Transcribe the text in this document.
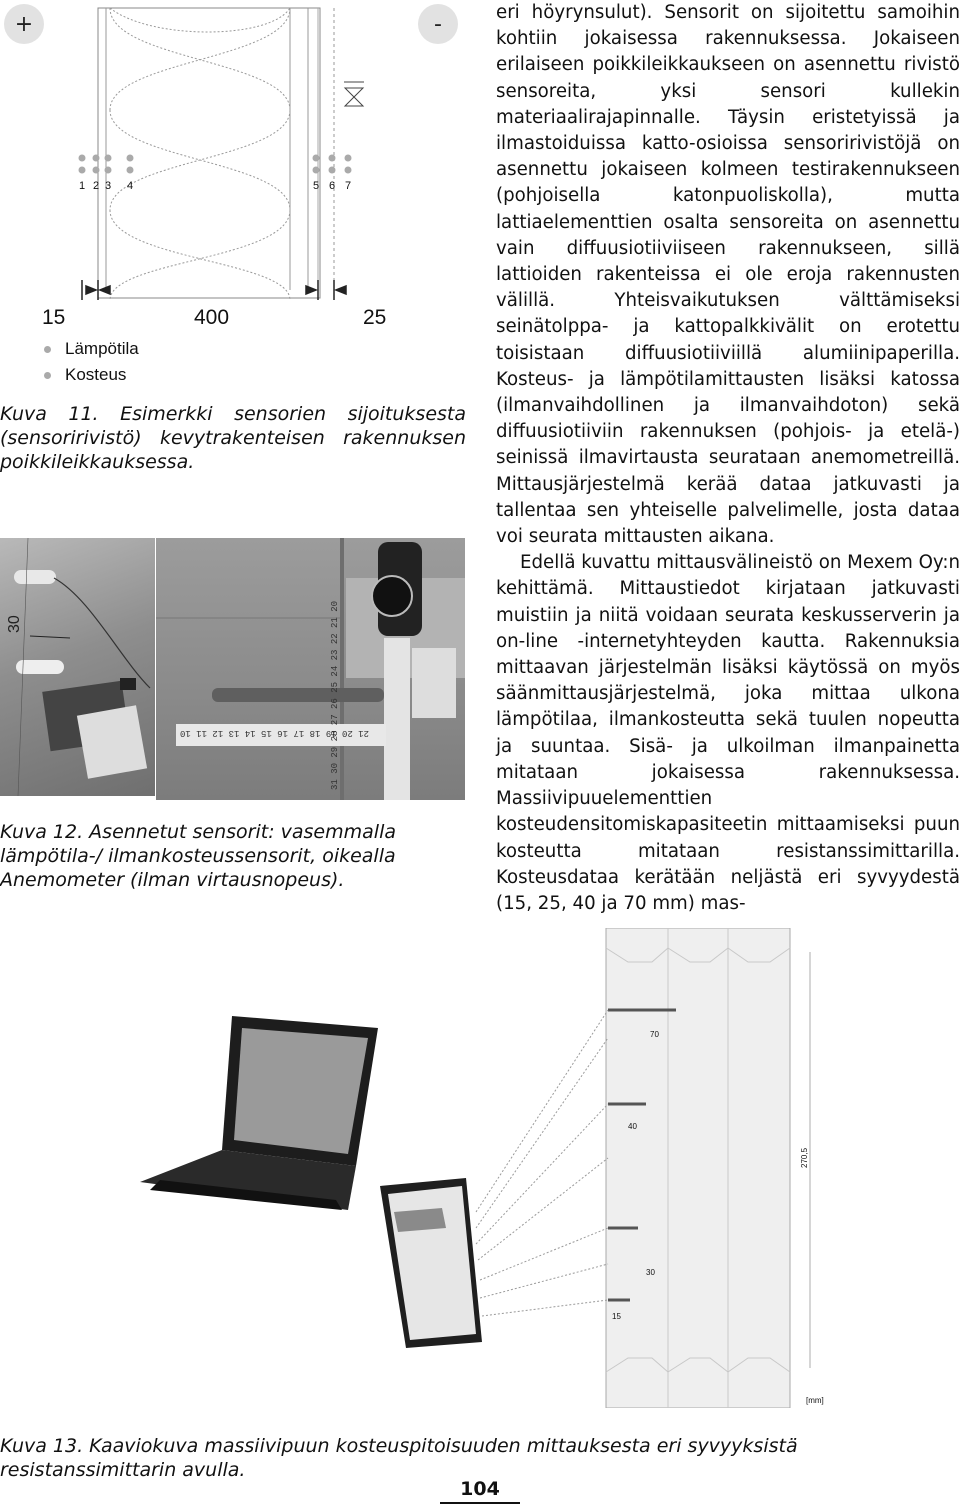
+	-
1 2 3 4	5 6 7
15	400	25
Lämpötila
Kosteus
Kuva 11. Esimerkki sensorien sijoituksesta (sensoririvistö) kevytrakenteisen rakennuksen poikkileikkauksessa.
30
21 20 19 18 17 16 15 14 13 12 11 10
31 30 29 28 27 26 25 24 23 22 21 20
Kuva 12. Asennetut sensorit: vasemmalla lämpötila-/ ilmankosteussensorit, oikealla Anemometer (ilman virtausnopeus).

eri höyrynsulut). Sensorit on sijoitettu samoihin kohtiin jokaisessa rakennuksessa. Jokaiseen erilaiseen poikkileikkaukseen on asennettu rivistö sensoreita, yksi sensori kullekin materiaalirajapinnalle. Täysin eristetyissä ja ilmastoiduissa katto-osioissa sensoririvistöjä on asennettu jokaiseen kolmeen testirakennukseen (pohjoisella katonpuoliskolla), mutta lattiaelementtien osalta sensoreita on asennettu vain diffuusiotiiviiseen rakennukseen, sillä lattioiden rakenteissa ei ole eroja rakennusten välillä. Yhteisvaikutuksen välttämiseksi seinätolppa- ja kattopalkkivälit on erotettu toisistaan diffuusiotiiviillä alumiinipaperilla. Kosteus- ja lämpötilamittausten lisäksi katossa (ilmanvaihdollinen ja ilmanvaihdoton) sekä diffuusiotiiviin rakennuksen (pohjois- ja etelä-) seinissä ilmavirtausta seurataan anemometreillä. Mittausjärjestelmä kerää dataa jatkuvasti ja tallentaa sen yhteiselle palvelimelle, josta dataa voi seurata mittausten aikana.

Edellä kuvattu mittausvälineistö on Mexem Oy:n kehittämä. Mittaustiedot kirjataan jatkuvasti muistiin ja niitä voidaan seurata keskusserverin ja on-line -internetyhteyden kautta. Rakennuksia mittaavan järjestelmän lisäksi käytössä on myös säänmittausjärjestelmä, joka mittaa ulkona lämpötilaa, ilmankosteutta sekä tuulen nopeutta ja suuntaa. Sisä- ja ulkoilman ilmanpainetta mitataan jokaisessa rakennuksessa. Massiivipuuelementtien kosteudensitomiskapasiteetin mittaamiseksi puun kosteutta mitataan resistanssimittarilla. Kosteusdataa kerätään neljästä eri syvyydestä (15, 25, 40 ja 70 mm) mas-

70
40
30
15
270,5
[mm]
Kuva 13. Kaaviokuva massiivipuun kosteuspitoisuuden mittauksesta eri syvyyksistä resistanssimittarin avulla.
104
